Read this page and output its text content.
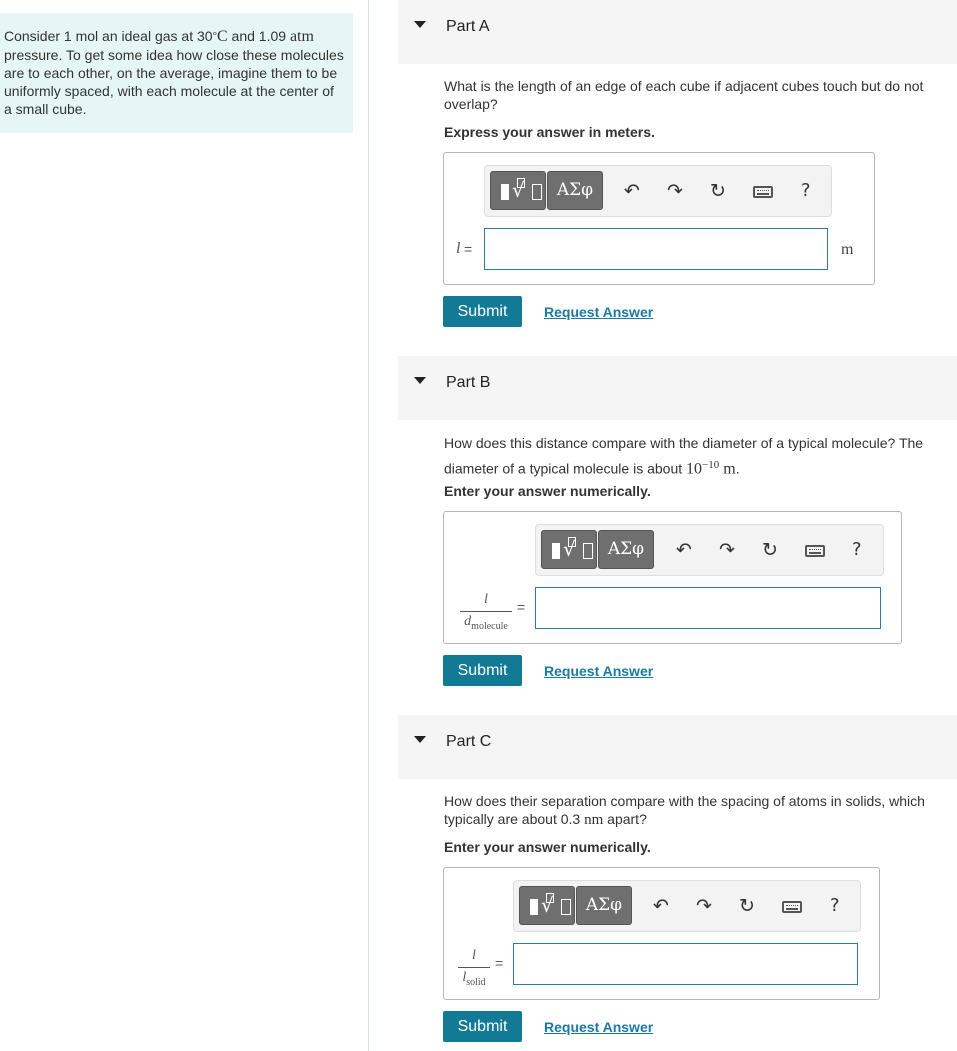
Consider 1 mol an ideal gas at 30°C and 1.09 atm pressure. To get some idea how close these molecules are to each other, on the average, imagine them to be uniformly spaced, with each molecule at the center of a small cube.
Part A
What is the length of an edge of each cube if adjacent cubes touch but do not overlap?
Express your answer in meters.
√	ΑΣφ	↶ ↷ ↻	?
l =	m
Submit	Request Answer
Part B
How does this distance compare with the diameter of a typical molecule? The diameter of a typical molecule is about $10^{-10}$ m.
Enter your answer numerically.
√	ΑΣφ	↶ ↷ ↻	?
l
$d_{molecule}$
=
Submit	Request Answer
Part C
How does their separation compare with the spacing of atoms in solids, which typically are about 0.3 nm apart?
Enter your answer numerically.
√	ΑΣφ	↶ ↷ ↻	?
l
$l_{solid}$
=
Submit	Request Answer
